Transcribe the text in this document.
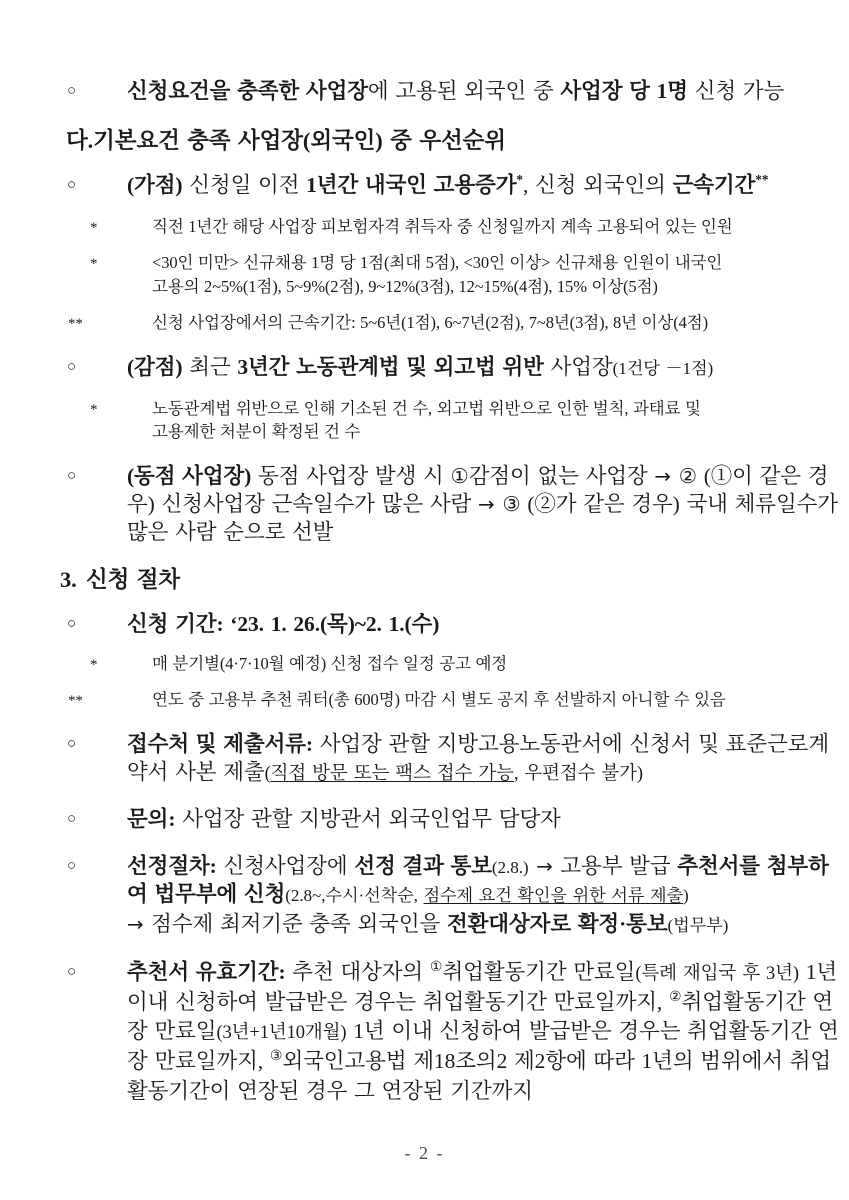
○ 신청요건을 충족한 사업장에 고용된 외국인 중 사업장 당 1명 신청 가능
다.기본요건 충족 사업장(외국인) 중 우선순위
○ (가점) 신청일 이전 1년간 내국인 고용증가*, 신청 외국인의 근속기간**
*	직전 1년간 해당 사업장 피보험자격 취득자 중 신청일까지 계속 고용되어 있는 인원
*	<30인 미만> 신규채용 1명 당 1점(최대 5점), <30인 이상> 신규채용 인원이 내국인
고용의 2~5%(1점), 5~9%(2점), 9~12%(3점), 12~15%(4점), 15% 이상(5점)
**	신청 사업장에서의 근속기간: 5~6년(1점), 6~7년(2점), 7~8년(3점), 8년 이상(4점)
○ (감점) 최근 3년간 노동관계법 및 외고법 위반 사업장(1건당 －1점)
*	노동관계법 위반으로 인해 기소된 건 수, 외고법 위반으로 인한 벌칙, 과태료 및
고용제한 처분이 확정된 건 수
○ (동점 사업장) 동점 사업장 발생 시 ①감점이 없는 사업장 → ② (①이 같은 경우) 신청사업장 근속일수가 많은 사람 → ③ (②가 같은 경우) 국내 체류일수가 많은 사람 순으로 선발
3. 신청 절차
○ 신청 기간: ‘23. 1. 26.(목)~2. 1.(수)
*	매 분기별(4·7·10월 예정) 신청 접수 일정 공고 예정
**	연도 중 고용부 추천 쿼터(총 600명) 마감 시 별도 공지 후 선발하지 아니할 수 있음
○ 접수처 및 제출서류: 사업장 관할 지방고용노동관서에 신청서 및 표준근로계약서 사본 제출(직접 방문 또는 팩스 접수 가능, 우편접수 불가)
○ 문의: 사업장 관할 지방관서 외국인업무 담당자
○ 선정절차: 신청사업장에 선정 결과 통보(2.8.) → 고용부 발급 추천서를 첨부하여 법무부에 신청(2.8~,수시·선착순, 점수제 요건 확인을 위한 서류 제출)
→ 점수제 최저기준 충족 외국인을 전환대상자로 확정·통보(법무부)
○ 추천서 유효기간: 추천 대상자의 ①취업활동기간 만료일(특례 재입국 후 3년) 1년 이내 신청하여 발급받은 경우는 취업활동기간 만료일까지, ②취업활동기간 연장 만료일(3년+1년10개월) 1년 이내 신청하여 발급받은 경우는 취업활동기간 연장 만료일까지, ③외국인고용법 제18조의2 제2항에 따라 1년의 범위에서 취업활동기간이 연장된 경우 그 연장된 기간까지
- 2 -
